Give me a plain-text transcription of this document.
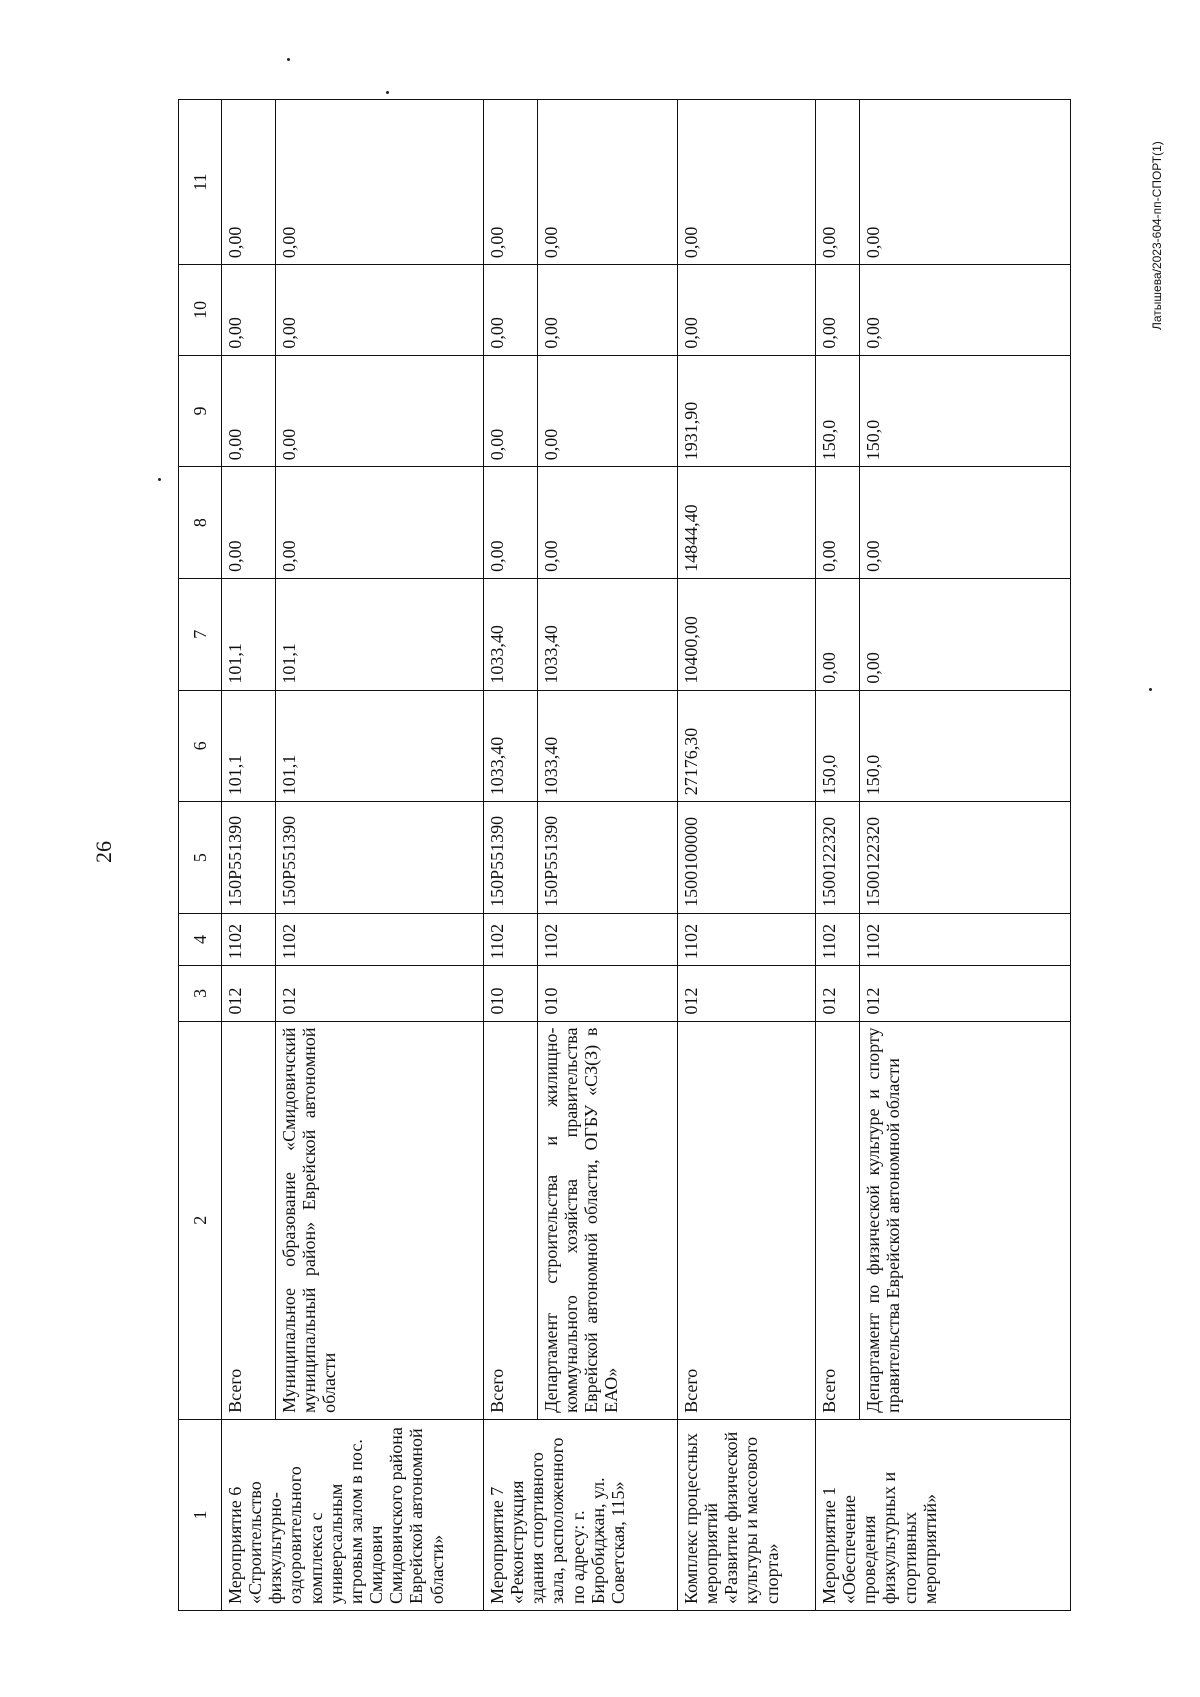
26
1	2	3	4	5	6	7	8	9	10	11
Мероприятие 6 «Строительство физкультурно-оздоровительного комплекса с универсальным игровым залом в пос. Смидович Смидовичского района Еврейской автономной области»	Всего	012	1102	150P551390	101,1	101,1	0,00	0,00	0,00	0,00
	Муниципальное образование «Смидовичский муниципальный район» Еврейской автономной области	012	1102	150P551390	101,1	101,1	0,00	0,00	0,00	0,00
Мероприятие 7 «Реконструкция здания спортивного зала, расположенного по адресу: г. Биробиджан, ул. Советская, 115»	Всего	010	1102	150P551390	1033,40	1033,40	0,00	0,00	0,00	0,00
	Департамент строительства и жилищно-коммунального хозяйства правительства Еврейской автономной области, ОГБУ «СЗ(З) в ЕАО»	010	1102	150P551390	1033,40	1033,40	0,00	0,00	0,00	0,00
Комплекс процессных мероприятий «Развитие физической культуры и массового спорта»	Всего	012	1102	1500100000	27176,30	10400,00	14844,40	1931,90	0,00	0,00
Мероприятие 1 «Обеспечение проведения физкультурных и спортивных мероприятий»	Всего	012	1102	1500122320	150,0	0,00	0,00	150,0	0,00	0,00
	Департамент по физической культуре и спорту правительства Еврейской автономной области	012	1102	1500122320	150,0	0,00	0,00	150,0	0,00	0,00	Латышева/2023-604-пп-СПОРТ(1)
